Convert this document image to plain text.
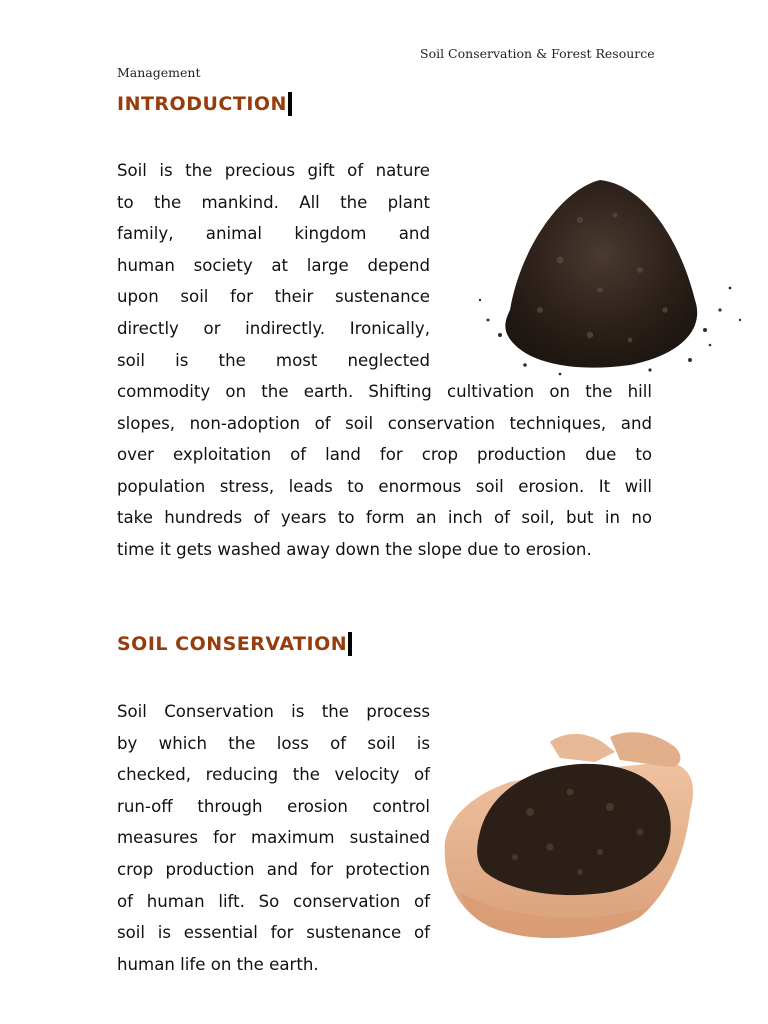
Soil Conservation & Forest Resource
Management
INTRODUCTION
Soil is the precious gift of nature
to the mankind. All the plant
family, animal kingdom and
human society at large depend
upon soil for their sustenance
directly or indirectly. Ironically,
soil is the most neglected
commodity on the earth. Shifting cultivation on the hill
slopes, non-adoption of soil conservation techniques, and
over exploitation of land for crop production due to
population stress, leads to enormous soil erosion. It will
take hundreds of years to form an inch of soil, but in no
time it gets washed away down the slope due to erosion.
SOIL CONSERVATION
Soil Conservation is the process
by which the loss of soil is
checked, reducing the velocity of
run-off through erosion control
measures for maximum sustained
crop production and for protection
of human lift. So conservation of
soil is essential for sustenance of
human life on the earth.
